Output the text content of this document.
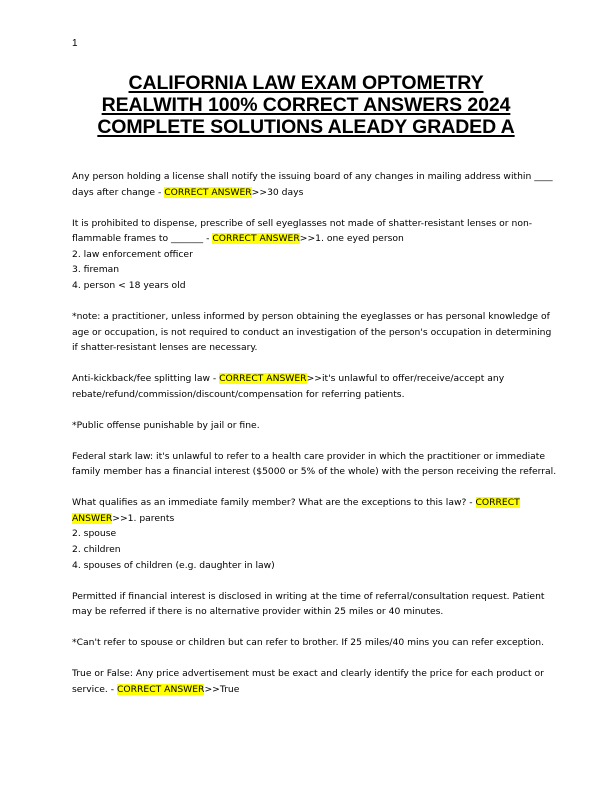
1
CALIFORNIA LAW EXAM OPTOMETRY
REALWITH 100% CORRECT ANSWERS 2024
COMPLETE SOLUTIONS ALEADY GRADED A
Any person holding a license shall notify the issuing board of any changes in mailing address within ____
days after change - CORRECT ANSWER>>30 days
It is prohibited to dispense, prescribe of sell eyeglasses not made of shatter-resistant lenses or non-
flammable frames to _______ - CORRECT ANSWER>>1. one eyed person
2. law enforcement officer
3. fireman
4. person < 18 years old
*note: a practitioner, unless informed by person obtaining the eyeglasses or has personal knowledge of
age or occupation, is not required to conduct an investigation of the person's occupation in determining
if shatter-resistant lenses are necessary.
Anti-kickback/fee splitting law - CORRECT ANSWER>>it's unlawful to offer/receive/accept any
rebate/refund/commission/discount/compensation for referring patients.
*Public offense punishable by jail or fine.
Federal stark law: it's unlawful to refer to a health care provider in which the practitioner or immediate
family member has a financial interest ($5000 or 5% of the whole) with the person receiving the referral.
What qualifies as an immediate family member? What are the exceptions to this law? - CORRECT
ANSWER>>1. parents
2. spouse
2. children
4. spouses of children (e.g. daughter in law)
Permitted if financial interest is disclosed in writing at the time of referral/consultation request. Patient
may be referred if there is no alternative provider within 25 miles or 40 minutes.
*Can't refer to spouse or children but can refer to brother. If 25 miles/40 mins you can refer exception.
True or False: Any price advertisement must be exact and clearly identify the price for each product or
service. - CORRECT ANSWER>>True
